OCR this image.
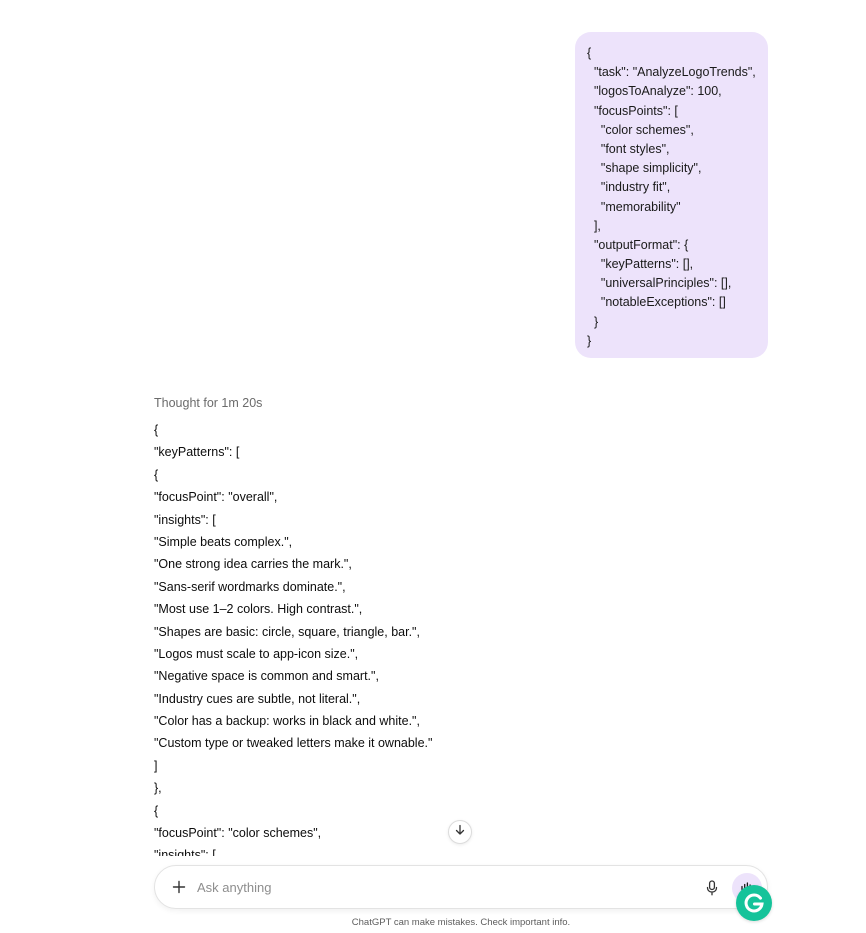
{
"task": "AnalyzeLogoTrends",
"logosToAnalyze": 100,
"focusPoints": [
"color schemes",
"font styles",
"shape simplicity",
"industry fit",
"memorability"
],
"outputFormat": {
"keyPatterns": [],
"universalPrinciples": [],
"notableExceptions": []
}
}
Thought for 1m 20s
{
"keyPatterns": [
{
"focusPoint": "overall",
"insights": [
"Simple beats complex.",
"One strong idea carries the mark.",
"Sans-serif wordmarks dominate.",
"Most use 1–2 colors. High contrast.",
"Shapes are basic: circle, square, triangle, bar.",
"Logos must scale to app-icon size.",
"Negative space is common and smart.",
"Industry cues are subtle, not literal.",
"Color has a backup: works in black and white.",
"Custom type or tweaked letters make it ownable."
]
},
{
"focusPoint": "color schemes",
Ask anything
ChatGPT can make mistakes. Check important info.
